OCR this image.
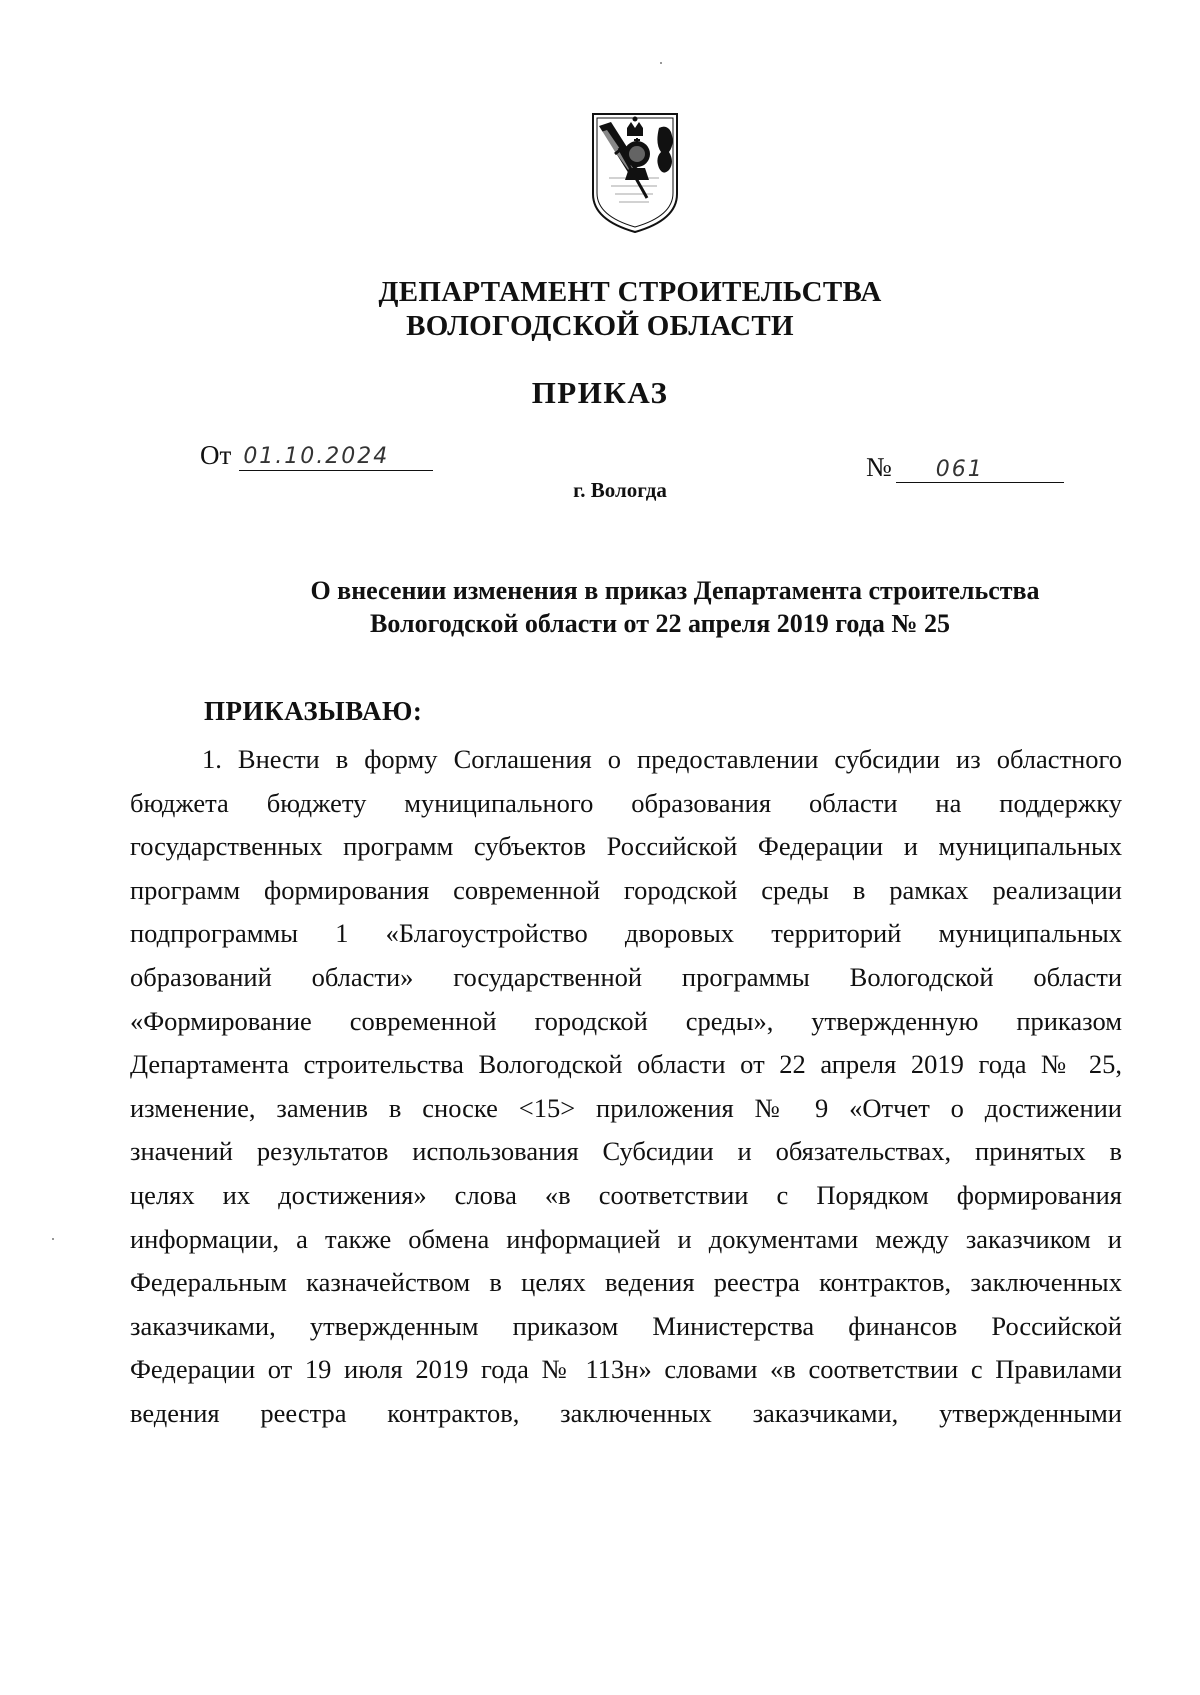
ДЕПАРТАМЕНТ СТРОИТЕЛЬСТВА
ВОЛОГОДСКОЙ ОБЛАСТИ
ПРИКАЗ
От 01.10.2024	№	061
г. Вологда
О внесении изменения в приказ Департамента строительства
Вологодской области от 22 апреля 2019 года № 25
ПРИКАЗЫВАЮ:
1. Внести в форму Соглашения о предоставлении субсидии из областного
бюджета бюджету муниципального образования области на поддержку
государственных программ субъектов Российской Федерации и муниципальных
программ формирования современной городской среды в рамках реализации
подпрограммы 1 «Благоустройство дворовых территорий муниципальных
образований области» государственной программы Вологодской области
«Формирование современной городской среды», утвержденную приказом
Департамента строительства Вологодской области от 22 апреля 2019 года № 25,
изменение, заменив в сноске <15> приложения № 9 «Отчет о достижении
значений результатов использования Субсидии и обязательствах, принятых в
целях их достижения» слова «в соответствии с Порядком формирования
информации, а также обмена информацией и документами между заказчиком и
Федеральным казначейством в целях ведения реестра контрактов, заключенных
заказчиками, утвержденным приказом Министерства финансов Российской
Федерации от 19 июля 2019 года № 113н» словами «в соответствии с Правилами
ведения реестра контрактов, заключенных заказчиками, утвержденными
